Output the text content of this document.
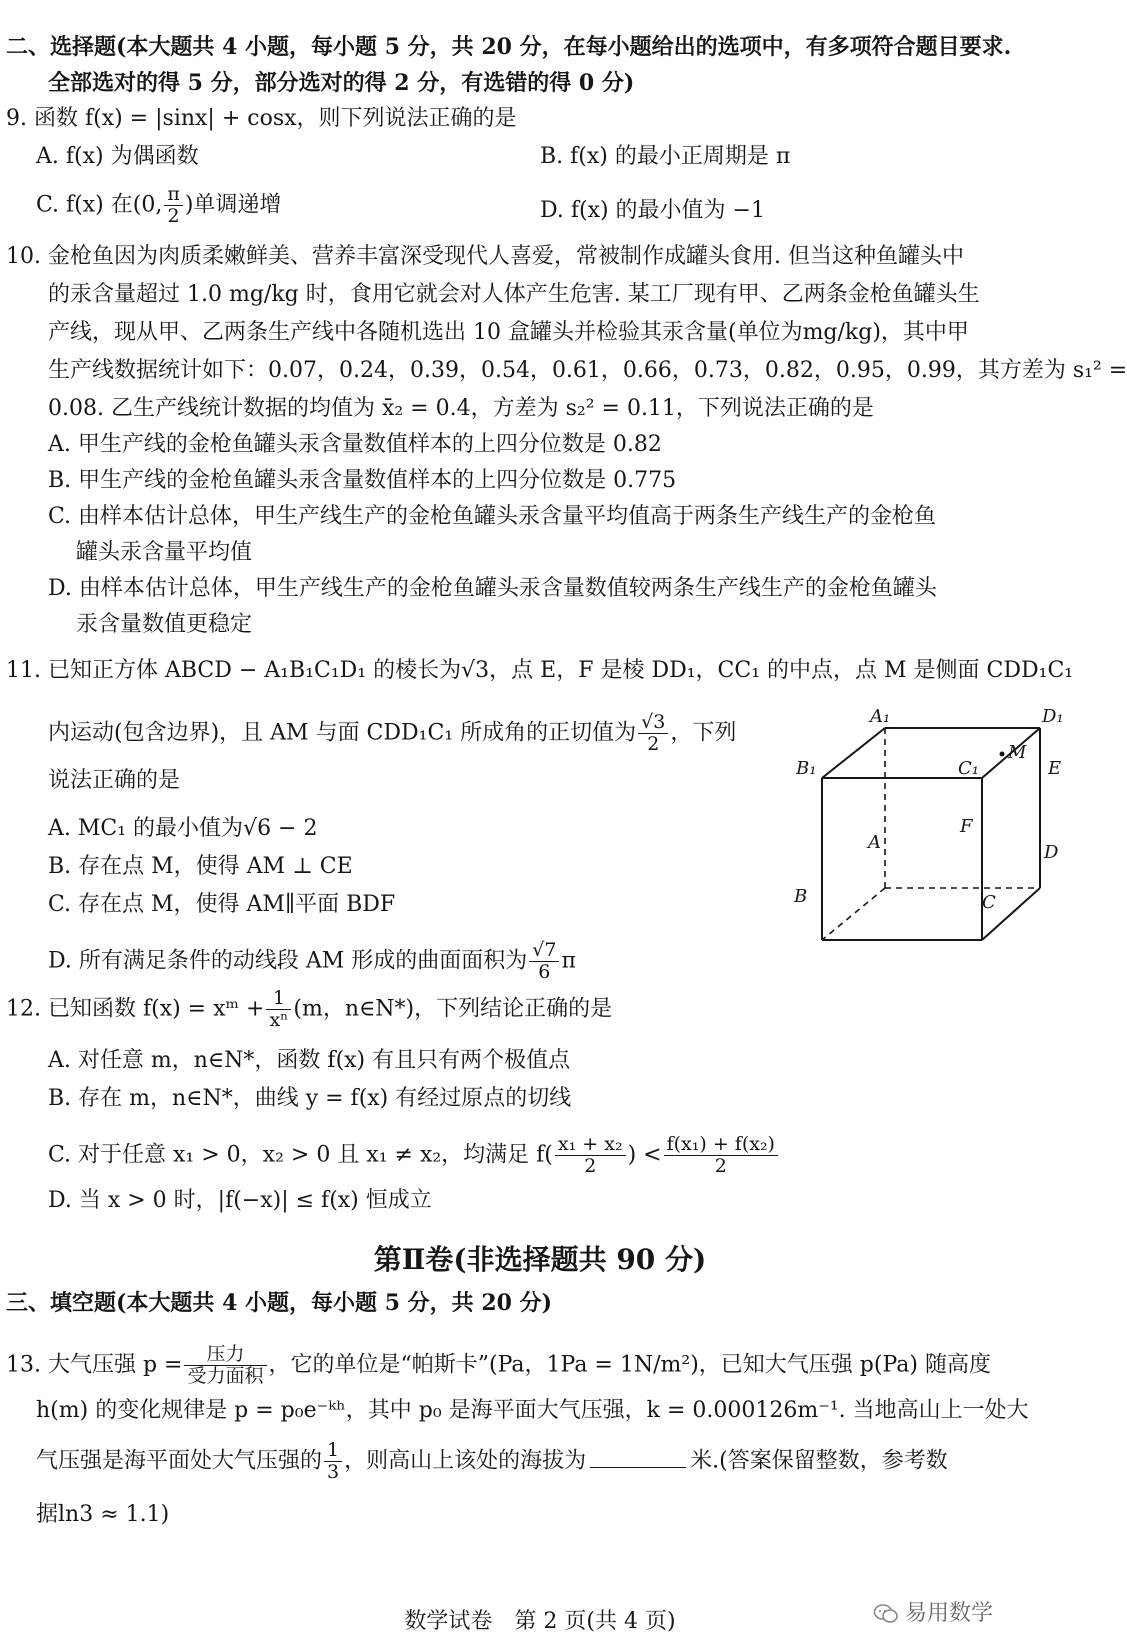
二、选择题(本大题共 4 小题，每小题 5 分，共 20 分，在每小题给出的选项中，有多项符合题目要求.
全部选对的得 5 分，部分选对的得 2 分，有选错的得 0 分)
9. 函数 f(x) = |sinx| + cosx，则下列说法正确的是
A. f(x) 为偶函数	B. f(x) 的最小正周期是 π
C. f(x) 在(0, $\frac{\pi}{2}$ )单调递增	D. f(x) 的最小值为 −1
10. 金枪鱼因为肉质柔嫩鲜美、营养丰富深受现代人喜爱，常被制作成罐头食用. 但当这种鱼罐头中
的汞含量超过 1.0 mg/kg 时，食用它就会对人体产生危害. 某工厂现有甲、乙两条金枪鱼罐头生
产线，现从甲、乙两条生产线中各随机选出 10 盒罐头并检验其汞含量(单位为mg/kg)，其中甲
生产线数据统计如下：0.07，0.24，0.39，0.54，0.61，0.66，0.73，0.82，0.95，0.99，其方差为 s₁² =
0.08. 乙生产线统计数据的均值为 x̄₂ = 0.4，方差为 s₂² = 0.11，下列说法正确的是
A. 甲生产线的金枪鱼罐头汞含量数值样本的上四分位数是 0.82
B. 甲生产线的金枪鱼罐头汞含量数值样本的上四分位数是 0.775
C. 由样本估计总体，甲生产线生产的金枪鱼罐头汞含量平均值高于两条生产线生产的金枪鱼
罐头汞含量平均值
D. 由样本估计总体，甲生产线生产的金枪鱼罐头汞含量数值较两条生产线生产的金枪鱼罐头
汞含量数值更稳定
11. 已知正方体 ABCD − A₁B₁C₁D₁ 的棱长为√3，点 E，F 是棱 DD₁，CC₁ 的中点，点 M 是侧面 CDD₁C₁
内运动(包含边界)，且 AM 与面 CDD₁C₁ 所成角的正切值为 $\frac{√3}{2}$ ，下列
说法正确的是
A. MC₁ 的最小值为√6 − 2
B. 存在点 M，使得 AM ⊥ CE
C. 存在点 M，使得 AM∥平面 BDF
D. 所有满足条件的动线段 AM 形成的曲面面积为 $\frac{√7}{6}$ π
A₁	D₁
B₁	C₁
M
E
F
A	D
B	C
12. 已知函数 f(x) = xᵐ + $\frac{1}{\text{xⁿ}} (m$，n∈N*)，下列结论正确的是
A. 对任意 m，n∈N*，函数 f(x) 有且只有两个极值点
B. 存在 m，n∈N*，曲线 y = f(x) 有经过原点的切线
C. 对于任意 x₁ > 0，x₂ > 0 且 x₁ ≠ x₂，均满足 $f( \frac{\text{x₁ + x₂}}{2}$ ) < $\frac{\text{f(x₁) + f(x₂)}}{2}$
D. 当 x > 0 时，|f(−x)| ≤ f(x) 恒成立
第Ⅱ卷(非选择题共 90 分)
三、填空题(本大题共 4 小题，每小题 5 分，共 20 分)
13. 大气压强 $p = \frac{\text{压力}}{\text{受力面积}}$ ，它的单位是“帕斯卡”(Pa，1Pa = 1N/m²)，已知大气压强 p(Pa) 随高度
h(m) 的变化规律是 p = p₀e⁻ᵏʰ，其中 p₀ 是海平面大气压强，k = 0.000126m⁻¹. 当地高山上一处大
气压强是海平面处大气压强的 $\frac{1}{3}$ ，则高山上该处的海拔为	米.(答案保留整数，参考数
据ln3 ≈ 1.1)
数学试卷　第 2 页(共 4 页)	易用数学
